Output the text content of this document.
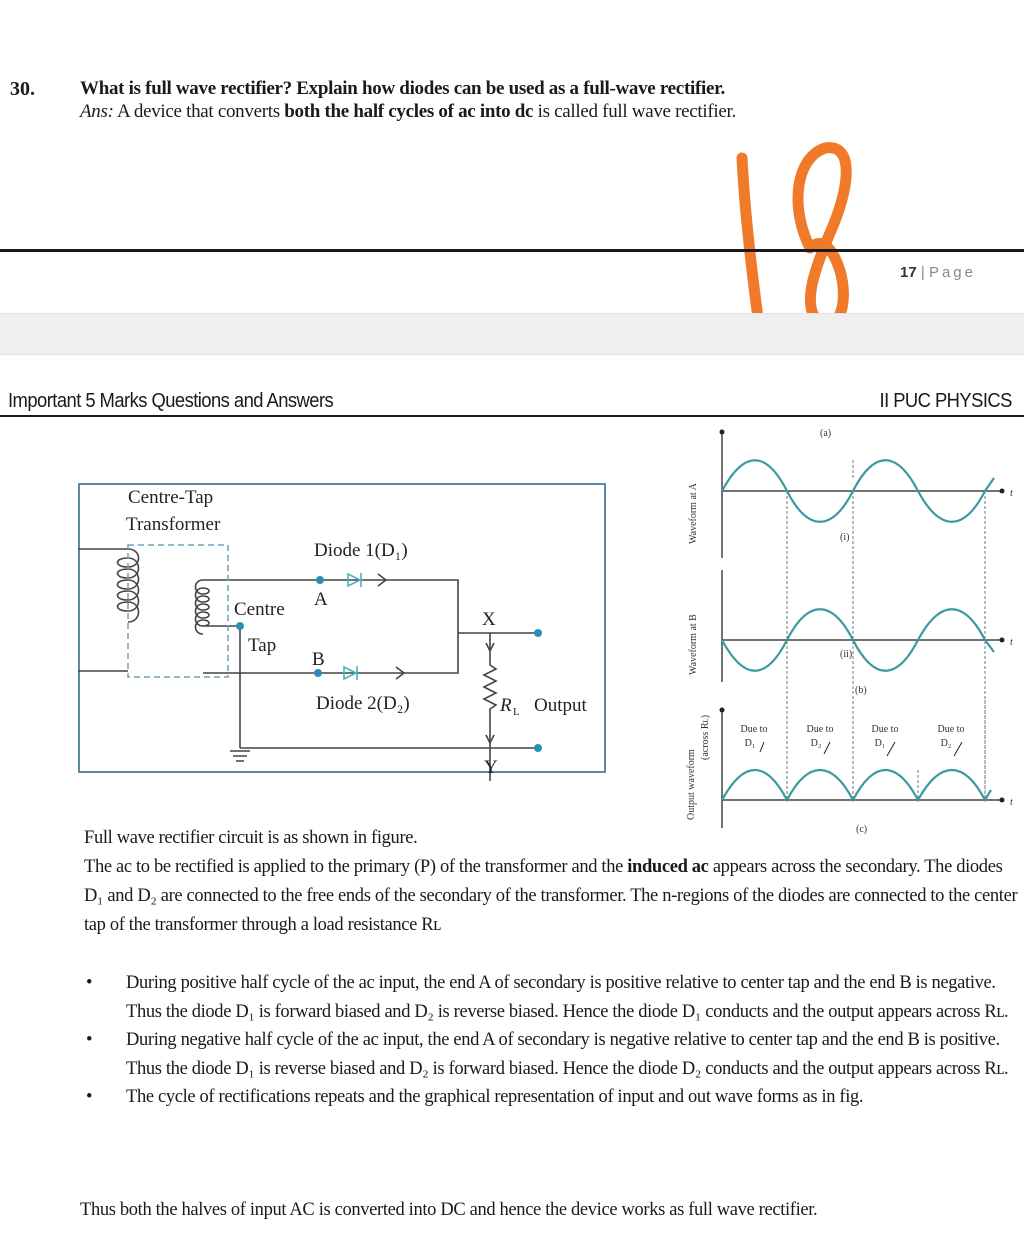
30. What is full wave rectifier? Explain how diodes can be used as a full-wave rectifier.
Ans: A device that converts both the half cycles of ac into dc is called full wave rectifier.
17 | Page
Important 5 Marks Questions and Answers	II PUC PHYSICS
Centre-Tap
Transformer
Diode 1(D₁)
A
Centre
Tap
B
Diode 2(D₂)
X
R L Output
Y
(a)
t
t
t
(i)
(ii)
(b)
(c)
Waveform at A
Waveform at B
Output waveform
(across RL)
Due to
D₁
Due to
D₂
Due to
D₁
Due to
D₂
Full wave rectifier circuit is as shown in figure.
The ac to be rectified is applied to the primary (P) of the transformer and the induced ac appears across the secondary. The diodes D₁ and D₂ are connected to the free ends of the secondary of the transformer. The n-regions of the diodes are connected to the center tap of the transformer through a load resistance Rʟ
• During positive half cycle of the ac input, the end A of secondary is positive relative to center tap and the end B is negative. Thus the diode D₁ is forward biased and D₂ is reverse biased. Hence the diode D₁ conducts and the output appears across Rʟ.
• During negative half cycle of the ac input, the end A of secondary is negative relative to center tap and the end B is positive. Thus the diode D₁ is reverse biased and D₂ is forward biased. Hence the diode D₂ conducts and the output appears across Rʟ.
• The cycle of rectifications repeats and the graphical representation of input and out wave forms as in fig.
Thus both the halves of input AC is converted into DC and hence the device works as full wave rectifier.
